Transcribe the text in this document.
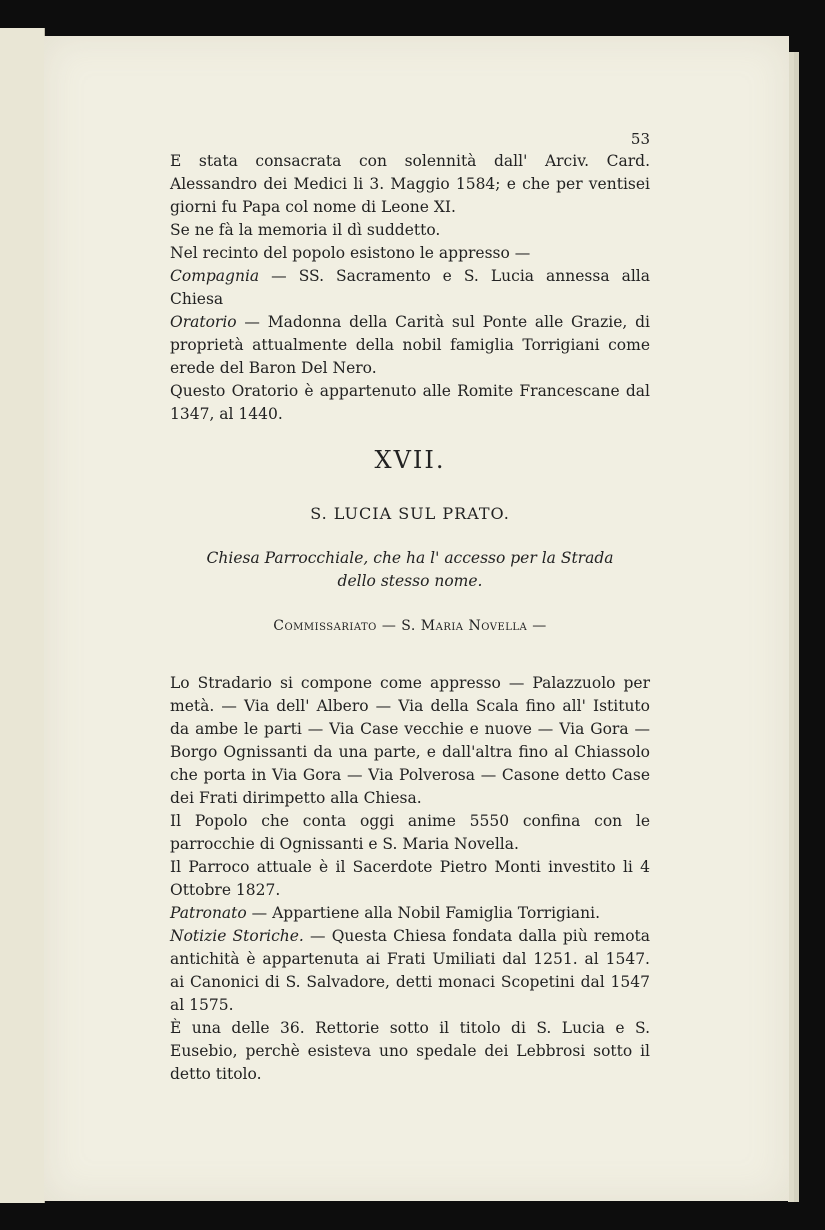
53

E stata consacrata con solennità dall' Arciv. Card. Alessandro dei Medici li 3. Maggio 1584; e che per ventisei giorni fu Papa col nome di Leone XI.

Se ne fà la memoria il dì suddetto.

Nel recinto del popolo esistono le appresso —

Compagnia — SS. Sacramento e S. Lucia annessa alla Chiesa

Oratorio — Madonna della Carità sul Ponte alle Grazie, di proprietà attualmente della nobil famiglia Torrigiani come erede del Baron Del Nero.

Questo Oratorio è appartenuto alle Romite Francescane dal 1347, al 1440.

XVII.
S. LUCIA SUL PRATO.
Chiesa Parrocchiale, che ha l' accesso per la Strada
dello stesso nome.
Commissariato — S. Maria Novella —

Lo Stradario si compone come appresso — Palazzuolo per metà. — Via dell' Albero — Via della Scala fino all' Istituto da ambe le parti — Via Case vecchie e nuove — Via Gora — Borgo Ognissanti da una parte, e dall'altra fino al Chiassolo che porta in Via Gora — Via Polverosa — Casone detto Case dei Frati dirimpetto alla Chiesa.

Il Popolo che conta oggi anime 5550 confina con le parrocchie di Ognissanti e S. Maria Novella.

Il Parroco attuale è il Sacerdote Pietro Monti investito li 4 Ottobre 1827.

Patronato — Appartiene alla Nobil Famiglia Torrigiani.

Notizie Storiche. — Questa Chiesa fondata dalla più remota antichità è appartenuta ai Frati Umiliati dal 1251. al 1547. ai Canonici di S. Salvadore, detti monaci Scopetini dal 1547 al 1575.

È una delle 36. Rettorie sotto il titolo di S. Lucia e S. Eusebio, perchè esisteva uno spedale dei Lebbrosi sotto il detto titolo.
